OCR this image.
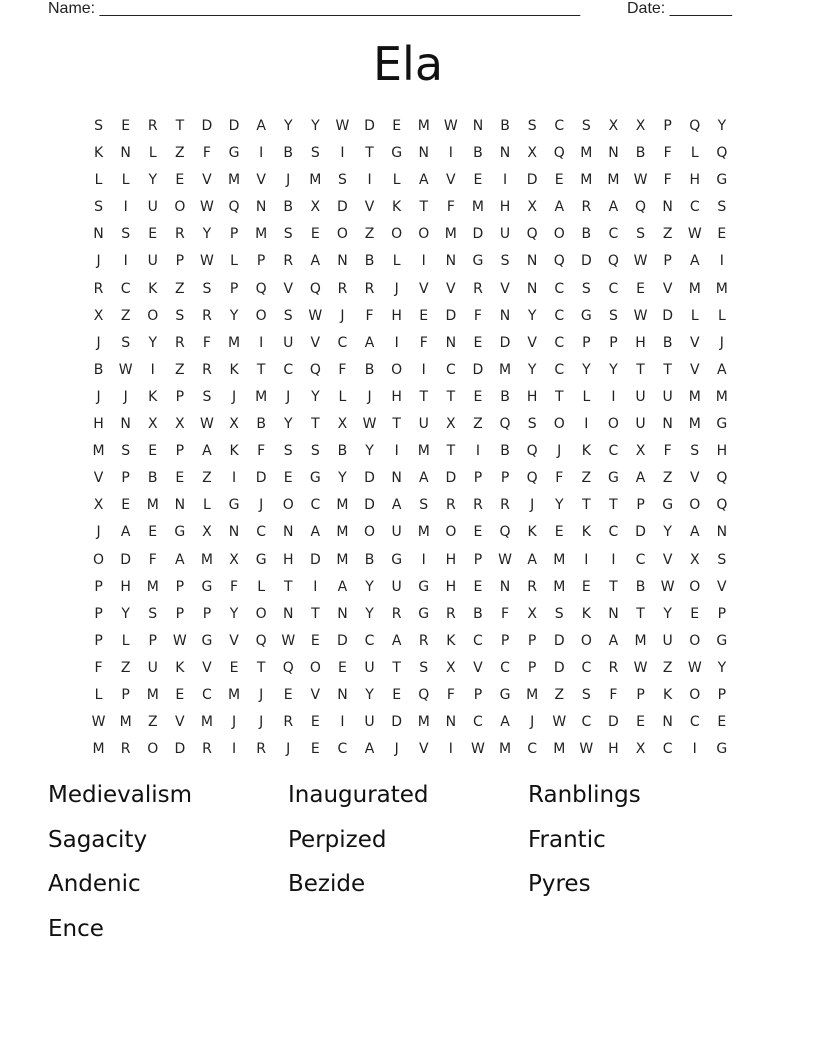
Name: ______________________________________________________	Date: _______
Ela
S	E	R	T	D	D	A	Y	Y	W	D	E	M	W	N	B	S	C	S	X	X	P	Q	Y
K	N	L	Z	F	G	I	B	S	I	T	G	N	I	B	N	X	Q	M	N	B	F	L	Q
L	L	Y	E	V	M	V	J	M	S	I	L	A	V	E	I	D	E	M	M	W	F	H	G
S	I	U	O	W	Q	N	B	X	D	V	K	T	F	M	H	X	A	R	A	Q	N	C	S
N	S	E	R	Y	P	M	S	E	O	Z	O	O	M	D	U	Q	O	B	C	S	Z	W	E
J	I	U	P	W	L	P	R	A	N	B	L	I	N	G	S	N	Q	D	Q	W	P	A	I
R	C	K	Z	S	P	Q	V	Q	R	R	J	V	V	R	V	N	C	S	C	E	V	M	M
X	Z	O	S	R	Y	O	S	W	J	F	H	E	D	F	N	Y	C	G	S	W	D	L	L
J	S	Y	R	F	M	I	U	V	C	A	I	F	N	E	D	V	C	P	P	H	B	V	J
B	W	I	Z	R	K	T	C	Q	F	B	O	I	C	D	M	Y	C	Y	Y	T	T	V	A
J	J	K	P	S	J	M	J	Y	L	J	H	T	T	E	B	H	T	L	I	U	U	M	M
H	N	X	X	W	X	B	Y	T	X	W	T	U	X	Z	Q	S	O	I	O	U	N	M	G
M	S	E	P	A	K	F	S	S	B	Y	I	M	T	I	B	Q	J	K	C	X	F	S	H
V	P	B	E	Z	I	D	E	G	Y	D	N	A	D	P	P	Q	F	Z	G	A	Z	V	Q
X	E	M	N	L	G	J	O	C	M	D	A	S	R	R	R	J	Y	T	T	P	G	O	Q
J	A	E	G	X	N	C	N	A	M	O	U	M	O	E	Q	K	E	K	C	D	Y	A	N
O	D	F	A	M	X	G	H	D	M	B	G	I	H	P	W	A	M	I	I	C	V	X	S
P	H	M	P	G	F	L	T	I	A	Y	U	G	H	E	N	R	M	E	T	B	W	O	V
P	Y	S	P	P	Y	O	N	T	N	Y	R	G	R	B	F	X	S	K	N	T	Y	E	P
P	L	P	W	G	V	Q	W	E	D	C	A	R	K	C	P	P	D	O	A	M	U	O	G
F	Z	U	K	V	E	T	Q	O	E	U	T	S	X	V	C	P	D	C	R	W	Z	W	Y
L	P	M	E	C	M	J	E	V	N	Y	E	Q	F	P	G	M	Z	S	F	P	K	O	P
W	M	Z	V	M	J	J	R	E	I	U	D	M	N	C	A	J	W	C	D	E	N	C	E
M	R	O	D	R	I	R	J	E	C	A	J	V	I	W	M	C	M	W	H	X	C	I	G
Medievalism	Inaugurated	Ranblings
Sagacity	Perpized	Frantic
Andenic	Bezide	Pyres
Ence
